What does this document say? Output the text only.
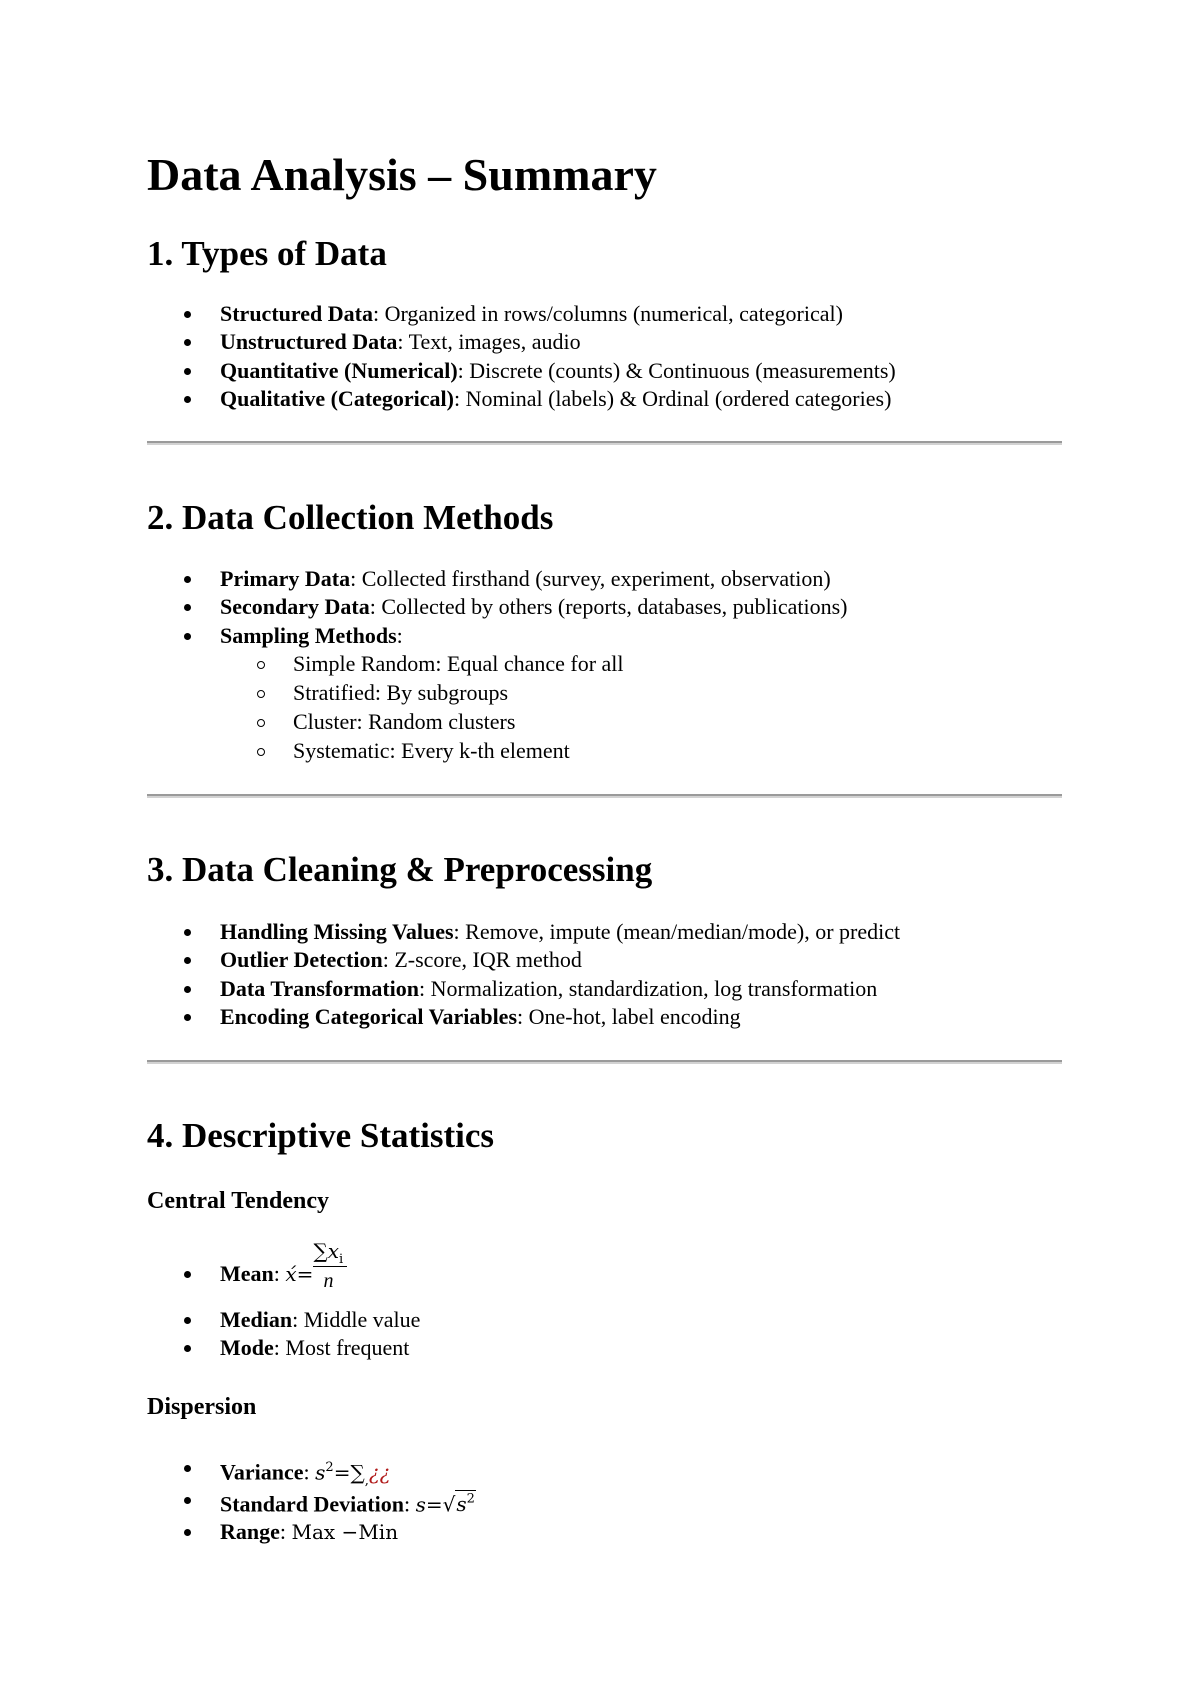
Data Analysis – Summary
1. Types of Data
Structured Data: Organized in rows/columns (numerical, categorical)
Unstructured Data: Text, images, audio
Quantitative (Numerical): Discrete (counts) & Continuous (measurements)
Qualitative (Categorical): Nominal (labels) & Ordinal (ordered categories)
2. Data Collection Methods
Primary Data: Collected firsthand (survey, experiment, observation)
Secondary Data: Collected by others (reports, databases, publications)
Sampling Methods:
Simple Random: Equal chance for all
Stratified: By subgroups
Cluster: Random clusters
Systematic: Every k-th element
3. Data Cleaning & Preprocessing
Handling Missing Values: Remove, impute (mean/median/mode), or predict
Outlier Detection: Z-score, IQR method
Data Transformation: Normalization, standardization, log transformation
Encoding Categorical Variables: One-hot, label encoding
4. Descriptive Statistics
Central Tendency
Mean: x́= $\frac{\sum x_i}{n}$
Median: Middle value
Mode: Most frequent
Dispersion
Variance: $s^2=\sum_,¿¿$
Standard Deviation: $s=√s^2$
Range: Max −Min
